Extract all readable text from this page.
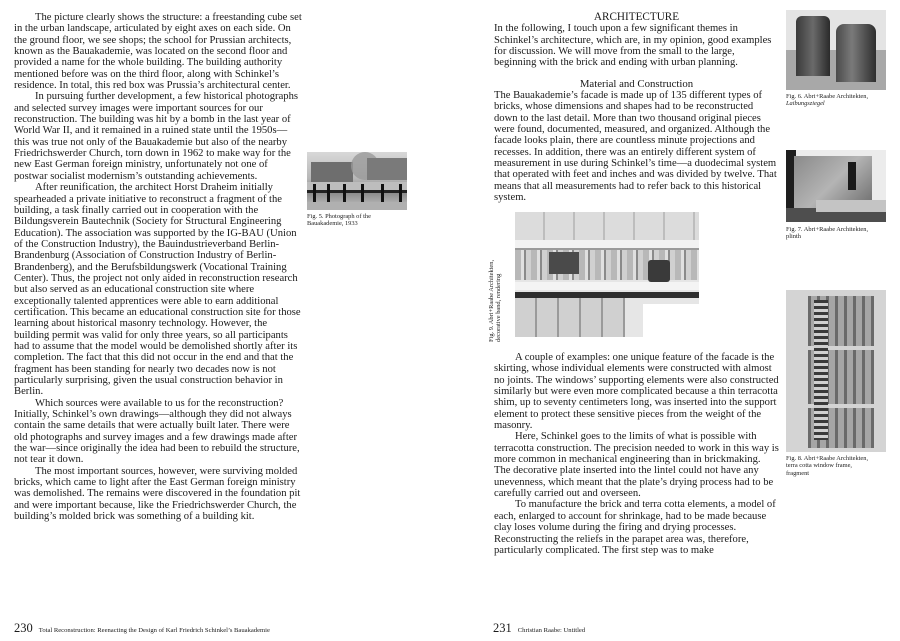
The picture clearly shows the structure: a freestanding cube set in the urban landscape, articulated by eight axes on each side. On the ground floor, we see shops; the school for Prussian architects, known as the Bauakademie, was located on the second floor and provided a name for the whole building. The building authority mentioned before was on the third floor, along with Schinkel’s residence. In total, this red box was Prussia’s architectural center.

In pursuing further development, a few historical photographs and selected survey images were important sources for our reconstruction. The building was hit by a bomb in the last year of World War II, and it remained in a ruined state until the 1950s—this was true not only of the Bauakademie but also of the nearby Friedrichswerder Church, torn down in 1962 to make way for the new East German foreign ministry, unfortunately not one of postwar socialist modernism’s outstanding achievements.

After reunification, the architect Horst Draheim initially spearheaded a private initiative to reconstruct a fragment of the building, a task finally carried out in cooperation with the Bildungsverein Bautechnik (Society for Structural Engineering Education). The association was supported by the IG-BAU (Union of the Construction Industry), the Bauindustrieverband Berlin-Brandenburg (Association of Construction Industry of Berlin-Brandenberg), and the Berufsbildungswerk (Vocational Training Center). Thus, the project not only aided in reconstruction research but also served as an educational construction site where exceptionally talented apprentices were able to earn additional certification. This became an educational construction site for those learning about historical masonry technology. However, the building permit was valid for only three years, so all participants had to assume that the model would be demolished shortly after its completion. The fact that this did not occur in the end and that the fragment has been standing for nearly two decades now is not particularly surprising, given the usual construction behavior in Berlin.

Which sources were available to us for the reconstruction? Initially, Schinkel’s own drawings—although they did not always contain the same details that were actually built later. There were old photographs and survey images and a few drawings made after the war—since originally the idea had been to rebuild the structure, not tear it down.

The most important sources, however, were surviving molded bricks, which came to light after the East German foreign ministry was demolished. The remains were discovered in the foundation pit and were important because, like the Friedrichswerder Church, the building’s molded brick was something of a building kit.

Fig. 5. Photograph of the
Bauakademie, 1933
230 Total Reconstruction: Reenacting the Design of Karl Friedrich Schinkel’s Bauakademie
ARCHITECTURE

In the following, I touch upon a few significant themes in Schinkel’s architecture, which are, in my opinion, good examples for discussion. We will move from the small to the large, beginning with the brick and ending with urban planning.

Material and Construction

The Bauakademie’s facade is made up of 135 different types of bricks, whose dimensions and shapes had to be reconstructed down to the last detail. More than two thousand original pieces were found, documented, measured, and organized. Although the facade looks plain, there are countless minute projections and recesses. In addition, there was an entirely different system of measurement in use during Schinkel’s time—a duodecimal system that operated with feet and inches and was divided by twelve. That means that all measurements had to refer back to this historical system.

Fig. 9. Abri+Raabe Architekten, decorative band, rendering

A couple of examples: one unique feature of the facade is the skirting, whose individual elements were constructed with almost no joints. The windows’ supporting elements were also constructed similarly but were even more complicated because a thin terracotta shim, up to seventy centimeters long, was inserted into the support element to protect these sensitive pieces from the weight of the masonry.

Here, Schinkel goes to the limits of what is possible with terracotta construction. The precision needed to work in this way is more common in mechanical engineering than in brickmaking. The decorative plate inserted into the lintel could not have any unevenness, which meant that the plate’s drying process had to be carefully carried out and overseen.

To manufacture the brick and terra cotta elements, a model of each, enlarged to account for shrinkage, had to be made because clay loses volume during the firing and drying processes. Reconstructing the reliefs in the parapet area was, therefore, particularly complicated. The first step was to make

Fig. 6. Abri+Raabe Architekten,
Laibungsziegel
Fig. 7. Abri+Raabe Architekten,
plinth
Fig. 8. Abri+Raabe Architekten,
terra cotta window frame,
fragment
231 Christian Raabe: Untitled
